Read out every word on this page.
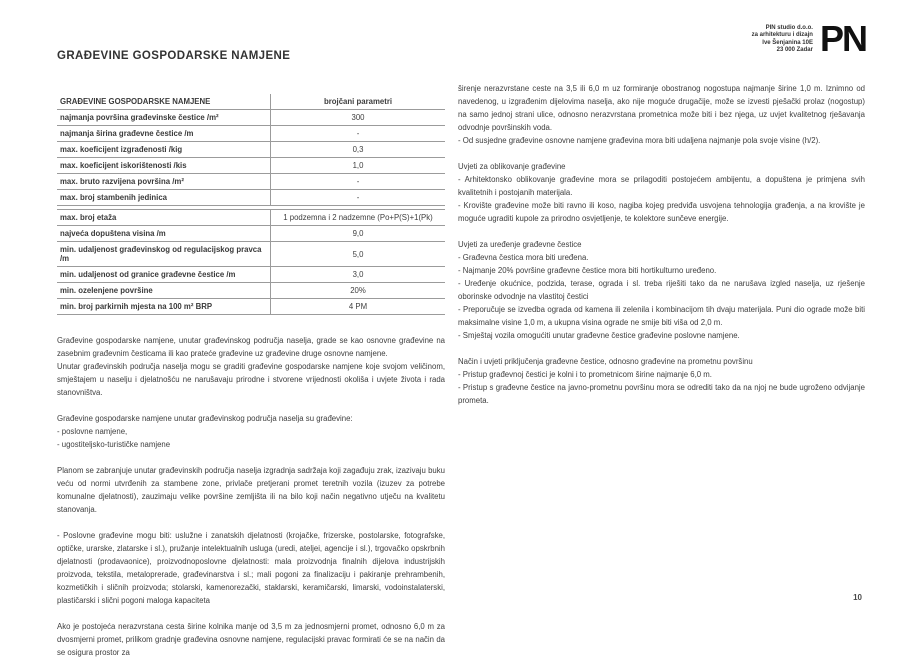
GRAĐEVINE GOSPODARSKE NAMJENE
PIN studio d.o.o.
za arhitekturu i dizajn
Ive Šenjanina 10E
23 000 Zadar PN
GRAĐEVINE GOSPODARSKE NAMJENE	brojčani parametri
najmanja površina građevinske čestice /m²	300
najmanja širina građevne čestice /m	-
max. koeficijent izgrađenosti /kig	0,3
max. koeficijent iskorištenosti /kis	1,0
max. bruto razvijena površina /m²	-
max. broj stambenih jedinica	-
max. broj etaža	1 podzemna i 2 nadzemne (Po+P(S)+1(Pk)
najveća dopuštena visina /m	9,0
min. udaljenost građevinskog od regulacijskog pravca /m	5,0
min. udaljenost od granice građevne čestice /m	3,0
min. ozelenjene površine	20%
min. broj parkirnih mjesta na 100 m² BRP	4 PM
Građevine gospodarske namjene, unutar građevinskog područja naselja, grade se kao osnovne građevine na zasebnim građevnim česticama ili kao prateće građevine uz građevine druge osnovne namjene.
Unutar građevinskih područja naselja mogu se graditi građevine gospodarske namjene koje svojom veličinom, smještajem u naselju i djelatnošću ne narušavaju prirodne i stvorene vrijednosti okoliša i uvjete života i rada stanovništva.
Građevine gospodarske namjene unutar građevinskog područja naselja su građevine:
- poslovne namjene,
- ugostiteljsko-turističke namjene
Planom se zabranjuje unutar građevinskih područja naselja izgradnja sadržaja koji zagađuju zrak, izazivaju buku veću od normi utvrđenih za stambene zone, privlače pretjerani promet teretnih vozila (izuzev za potrebe komunalne djelatnosti), zauzimaju velike površine zemljišta ili na bilo koji način negativno utječu na kvalitetu stanovanja.
- Poslovne građevine mogu biti: uslužne i zanatskih djelatnosti (krojačke, frizerske, postolarske, fotografske, optičke, urarske, zlatarske i sl.), pružanje intelektualnih usluga (uredi, ateljei, agencije i sl.), trgovačko opskrbnih djelatnosti (prodavaonice), proizvodnoposlovne djelatnosti: mala proizvodnja finalnih dijelova industrijskih proizvoda, tekstila, metaloprerade, građevinarstva i sl.; mali pogoni za finalizaciju i pakiranje prehrambenih, kozmetičkih i sličnih proizvoda; stolarski, kamenorezački, staklarski, keramičarski, limarski, vodoinstalaterski, plastičarski i slični pogoni maloga kapaciteta
Ako je postojeća nerazvrstana cesta širine kolnika manje od 3,5 m za jednosmjerni promet, odnosno 6,0 m za dvosmjerni promet, prilikom gradnje građevina osnovne namjene, regulacijski pravac formirati će se na način da se osigura prostor za
širenje nerazvrstane ceste na 3,5 ili 6,0 m uz formiranje obostranog nogostupa najmanje širine 1,0 m. Iznimno od navedenog, u izgrađenim dijelovima naselja, ako nije moguće drugačije, može se izvesti pješački prolaz (nogostup) na samo jednoj strani ulice, odnosno nerazvrstana prometnica može biti i bez njega, uz uvjet kvalitetnog rješavanja odvodnje površinskih voda.
- Od susjedne građevine osnovne namjene građevina mora biti udaljena najmanje pola svoje visine (h/2).
Uvjeti za oblikovanje građevine
- Arhitektonsko oblikovanje građevine mora se prilagoditi postojećem ambijentu, a dopuštena je primjena svih kvalitetnih i postojanih materijala.
- Krovište građevine može biti ravno ili koso, nagiba kojeg predviđa usvojena tehnologija građenja, a na krovište je moguće ugraditi kupole za prirodno osvjetljenje, te kolektore sunčeve energije.
Uvjeti za uređenje građevne čestice
- Građevna čestica mora biti uređena.
- Najmanje 20% površine građevne čestice mora biti hortikulturno uređeno.
- Uređenje okućnice, podzida, terase, ograda i sl. treba riješiti tako da ne narušava izgled naselja, uz rješenje oborinske odvodnje na vlastitoj čestici
- Preporučuje se izvedba ograda od kamena ili zelenila i kombinacijom tih dvaju materijala. Puni dio ograde može biti maksimalne visine 1,0 m, a ukupna visina ograde ne smije biti viša od 2,0 m.
- Smještaj vozila omogućiti unutar građevne čestice građevine poslovne namjene.
Način i uvjeti priključenja građevne čestice, odnosno građevine na prometnu površinu
- Pristup građevnoj čestici je kolni i to prometnicom širine najmanje 6,0 m.
- Pristup s građevne čestice na javno-prometnu površinu mora se odrediti tako da na njoj ne bude ugroženo odvijanje prometa.
10
